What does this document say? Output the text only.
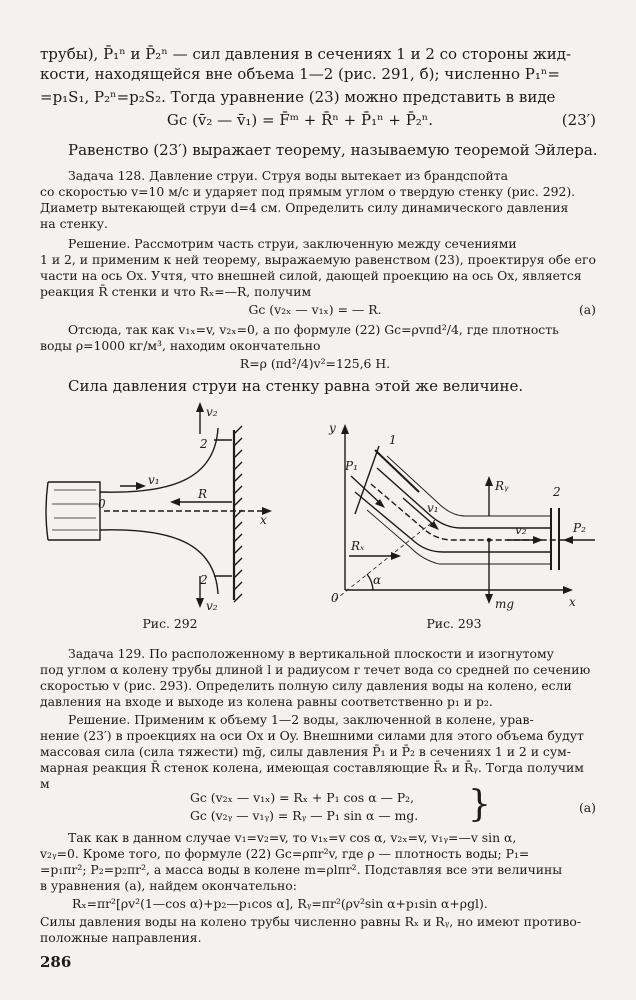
трубы), P̄₁ⁿ и P̄₂ⁿ — сил давления в сечениях 1 и 2 со стороны жид-
кости, находящейся вне объема 1—2 (рис. 291, б); численно P₁ⁿ=
=p₁S₁, P₂ⁿ=p₂S₂. Тогда уравнение (23) можно представить в виде
Gc (v̄₂ — v̄₁) = F̄ᵐ + R̄ⁿ + P̄₁ⁿ + P̄₂ⁿ.	(23′)
Равенство (23′) выражает теорему, называемую теоремой Эйлера.
Задача 128. Давление струи. Струя воды вытекает из брандспойта
со скоростью v=10 м/с и ударяет под прямым углом о твердую стенку (рис. 292).
Диаметр вытекающей струи d=4 см. Определить силу динамического давления
на стенку.
Решение. Рассмотрим часть струи, заключенную между сечениями
1 и 2, и применим к ней теорему, выражаемую равенством (23), проектируя обе его
части на ось Ox. Учтя, что внешней силой, дающей проекцию на ось Ox, является
реакция R̄ стенки и что Rₓ=—R, получим
Gc (v₂ₓ — v₁ₓ) = — R.	(а)
Отсюда, так как v₁ₓ=v, v₂ₓ=0, а по формуле (22) Gc=ρvπd²/4, где плотность
воды ρ=1000 кг/м³, находим окончательно
R=ρ (πd²/4)v²=125,6 Н.
Сила давления струи на стенку равна этой же величине.
v₂
2
v₁
0
R
x
2
v₂
Рис. 292
y
1
P₁
v₁
Rᵧ	2
v₂	P₂
Rₓ
α
mg
0	x
Рис. 293
Задача 129. По расположенному в вертикальной плоскости и изогнутому
под углом α колену трубы длиной l и радиусом r течет вода со средней по сечению
скоростью v (рис. 293). Определить полную силу давления воды на колено, если
давления на входе и выходе из колена равны соответственно p₁ и p₂.
Решение. Применим к объему 1—2 воды, заключенной в колене, урав-
нение (23′) в проекциях на оси Ox и Oy. Внешними силами для этого объема будут
массовая сила (сила тяжести) mḡ, силы давления P̄₁ и P̄₂ в сечениях 1 и 2 и сум-
марная реакция R̄ стенок колена, имеющая составляющие R̄ₓ и R̄ᵧ. Тогда получим
м
Gc (v₂ₓ — v₁ₓ) = Rₓ + P₁ cos α — P₂,
Gc (v₂ᵧ — v₁ᵧ) = Rᵧ — P₁ sin α — mg.	}	(а)
Так как в данном случае v₁=v₂=v, то v₁ₓ=v cos α, v₂ₓ=v, v₁ᵧ=—v sin α,
v₂ᵧ=0. Кроме того, по формуле (22) Gc=ρπr²v, где ρ — плотность воды; P₁=
=p₁πr²; P₂=p₂πr², а масса воды в колене m=ρlπr². Подставляя все эти величины
в уравнения (а), найдем окончательно:
Rₓ=πr²[ρv²(1—cos α)+p₂—p₁cos α], Rᵧ=πr²(ρv²sin α+p₁sin α+ρgl).
Силы давления воды на колено трубы численно равны Rₓ и Rᵧ, но имеют противо-
положные направления.
286
